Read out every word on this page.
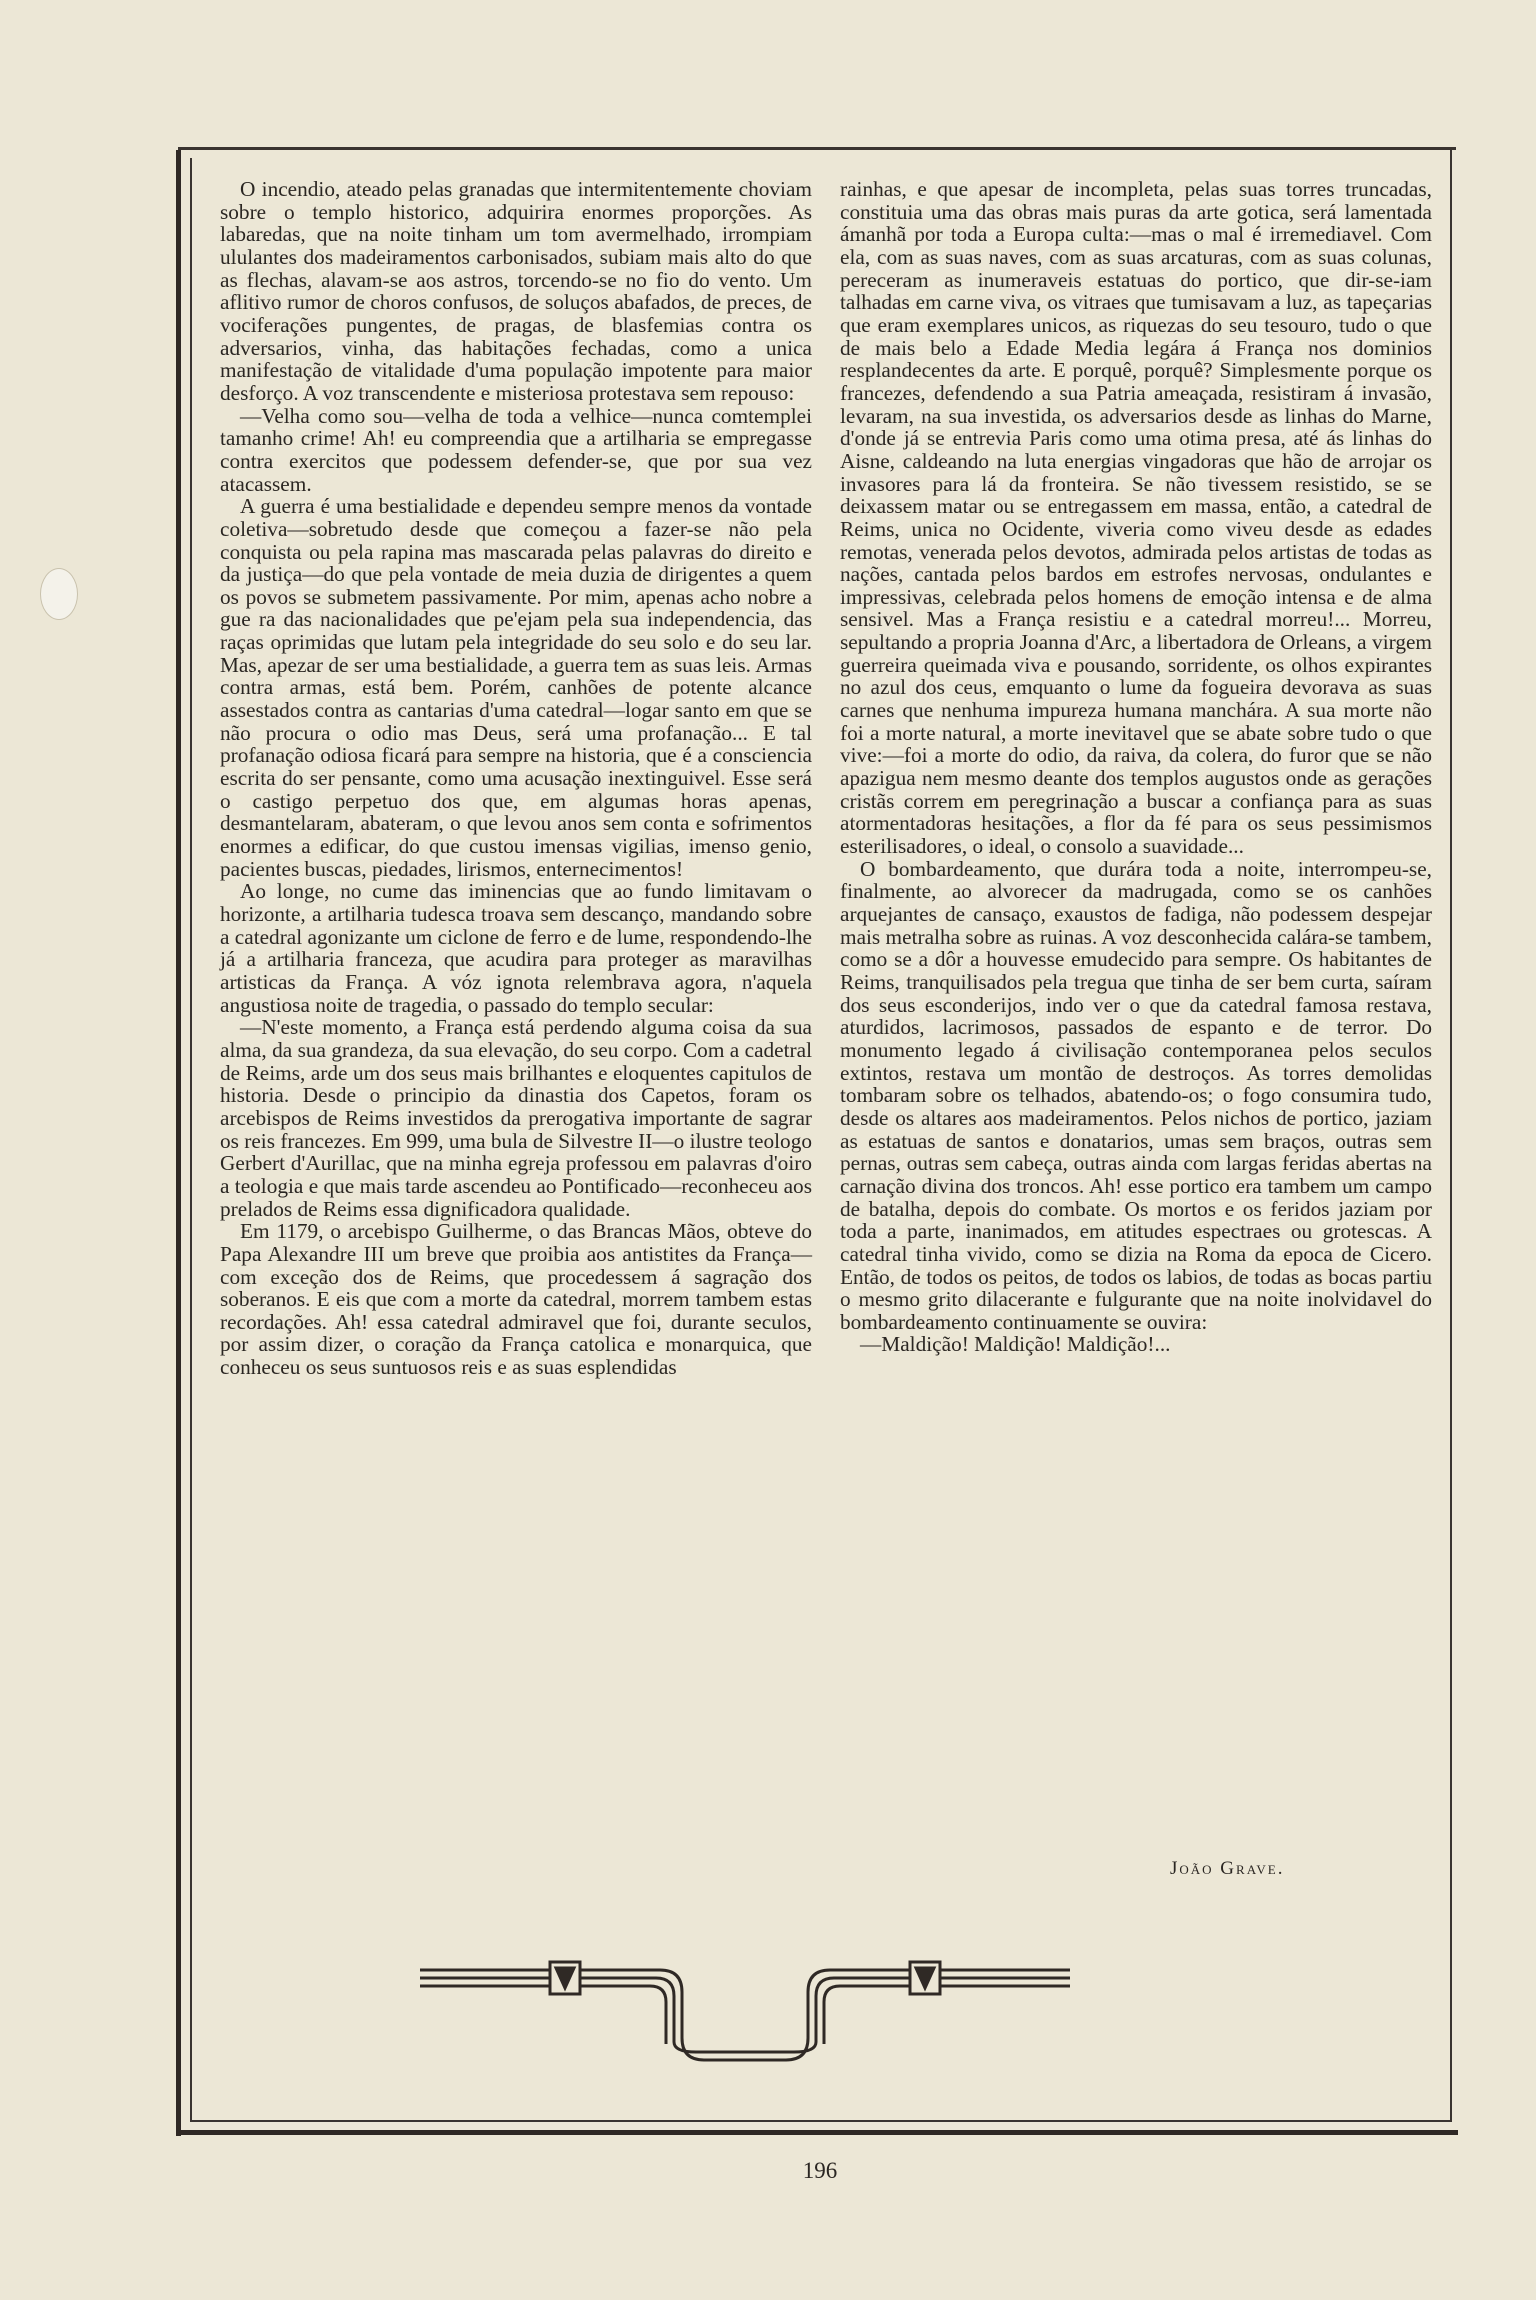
O incendio, ateado pelas granadas que intermitentemente choviam sobre o templo historico, adquirira enormes proporções. As labaredas, que na noite tinham um tom avermelhado, irrompiam ululantes dos madeiramentos carbonisados, subiam mais alto do que as flechas, alavam-se aos astros, torcendo-se no fio do vento. Um aflitivo rumor de choros confusos, de soluços abafados, de preces, de vociferações pungentes, de pragas, de blasfemias contra os adversarios, vinha, das habitações fechadas, como a unica manifestação de vitalidade d'uma população impotente para maior desforço. A voz transcendente e misteriosa protestava sem repouso:

—Velha como sou—velha de toda a velhice—nunca comtemplei tamanho crime! Ah! eu compreendia que a artilharia se empregasse contra exercitos que podessem defender-se, que por sua vez atacassem.

A guerra é uma bestialidade e dependeu sempre menos da vontade coletiva—sobretudo desde que começou a fazer-se não pela conquista ou pela rapina mas mascarada pelas palavras do direito e da justiça—do que pela vontade de meia duzia de dirigentes a quem os povos se submetem passivamente. Por mim, apenas acho nobre a gue ra das nacionalidades que pe'ejam pela sua independencia, das raças oprimidas que lutam pela integridade do seu solo e do seu lar. Mas, apezar de ser uma bestialidade, a guerra tem as suas leis. Armas contra armas, está bem. Porém, canhões de potente alcance assestados contra as cantarias d'uma catedral—logar santo em que se não procura o odio mas Deus, será uma profanação... E tal profanação odiosa ficará para sempre na historia, que é a consciencia escrita do ser pensante, como uma acusação inextinguivel. Esse será o castigo perpetuo dos que, em algumas horas apenas, desmantelaram, abateram, o que levou anos sem conta e sofrimentos enormes a edificar, do que custou imensas vigilias, imenso genio, pacientes buscas, piedades, lirismos, enternecimentos!

Ao longe, no cume das iminencias que ao fundo limitavam o horizonte, a artilharia tudesca troava sem descanço, mandando sobre a catedral agonizante um ciclone de ferro e de lume, respondendo-lhe já a artilharia franceza, que acudira para proteger as maravilhas artisticas da França. A vóz ignota relembrava agora, n'aquela angustiosa noite de tragedia, o passado do templo secular:

—N'este momento, a França está perdendo alguma coisa da sua alma, da sua grandeza, da sua elevação, do seu corpo. Com a cadetral de Reims, arde um dos seus mais brilhantes e eloquentes capitulos de historia. Desde o principio da dinastia dos Capetos, foram os arcebispos de Reims investidos da prerogativa importante de sagrar os reis francezes. Em 999, uma bula de Silvestre II—o ilustre teologo Gerbert d'Aurillac, que na minha egreja professou em palavras d'oiro a teologia e que mais tarde ascendeu ao Pontificado—reconheceu aos prelados de Reims essa dignificadora qualidade.

Em 1179, o arcebispo Guilherme, o das Brancas Mãos, obteve do Papa Alexandre III um breve que proibia aos antistites da França—com exceção dos de Reims, que procedessem á sagração dos soberanos. E eis que com a morte da catedral, morrem tambem estas recordações. Ah! essa catedral admiravel que foi, durante seculos, por assim dizer, o coração da França catolica e monarquica, que conheceu os seus suntuosos reis e as suas esplendidas

rainhas, e que apesar de incompleta, pelas suas torres truncadas, constituia uma das obras mais puras da arte gotica, será lamentada ámanhã por toda a Europa culta:—mas o mal é irremediavel. Com ela, com as suas naves, com as suas arcaturas, com as suas colunas, pereceram as inumeraveis estatuas do portico, que dir-se-iam talhadas em carne viva, os vitraes que tumisavam a luz, as tapeçarias que eram exemplares unicos, as riquezas do seu tesouro, tudo o que de mais belo a Edade Media legára á França nos dominios resplandecentes da arte. E porquê, porquê? Simplesmente porque os francezes, defendendo a sua Patria ameaçada, resistiram á invasão, levaram, na sua investida, os adversarios desde as linhas do Marne, d'onde já se entrevia Paris como uma otima presa, até ás linhas do Aisne, caldeando na luta energias vingadoras que hão de arrojar os invasores para lá da fronteira. Se não tivessem resistido, se se deixassem matar ou se entregassem em massa, então, a catedral de Reims, unica no Ocidente, viveria como viveu desde as edades remotas, venerada pelos devotos, admirada pelos artistas de todas as nações, cantada pelos bardos em estrofes nervosas, ondulantes e impressivas, celebrada pelos homens de emoção intensa e de alma sensivel. Mas a França resistiu e a catedral morreu!... Morreu, sepultando a propria Joanna d'Arc, a libertadora de Orleans, a virgem guerreira queimada viva e pousando, sorridente, os olhos expirantes no azul dos ceus, emquanto o lume da fogueira devorava as suas carnes que nenhuma impureza humana manchára. A sua morte não foi a morte natural, a morte inevitavel que se abate sobre tudo o que vive:—foi a morte do odio, da raiva, da colera, do furor que se não apazigua nem mesmo deante dos templos augustos onde as gerações cristãs correm em peregrinação a buscar a confiança para as suas atormentadoras hesitações, a flor da fé para os seus pessimismos esterilisadores, o ideal, o consolo a suavidade...

O bombardeamento, que durára toda a noite, interrompeu-se, finalmente, ao alvorecer da madrugada, como se os canhões arquejantes de cansaço, exaustos de fadiga, não podessem despejar mais metralha sobre as ruinas. A voz desconhecida calára-se tambem, como se a dôr a houvesse emudecido para sempre. Os habitantes de Reims, tranquilisados pela tregua que tinha de ser bem curta, saíram dos seus esconderijos, indo ver o que da catedral famosa restava, aturdidos, lacrimosos, passados de espanto e de terror. Do monumento legado á civilisação contemporanea pelos seculos extintos, restava um montão de destroços. As torres demolidas tombaram sobre os telhados, abatendo-os; o fogo consumira tudo, desde os altares aos madeiramentos. Pelos nichos de portico, jaziam as estatuas de santos e donatarios, umas sem braços, outras sem pernas, outras sem cabeça, outras ainda com largas feridas abertas na carnação divina dos troncos. Ah! esse portico era tambem um campo de batalha, depois do combate. Os mortos e os feridos jaziam por toda a parte, inanimados, em atitudes espectraes ou grotescas. A catedral tinha vivido, como se dizia na Roma da epoca de Cicero. Então, de todos os peitos, de todos os labios, de todas as bocas partiu o mesmo grito dilacerante e fulgurante que na noite inolvidavel do bombardeamento continuamente se ouvira:

—Maldição! Maldição! Maldição!...

João Grave.
196
